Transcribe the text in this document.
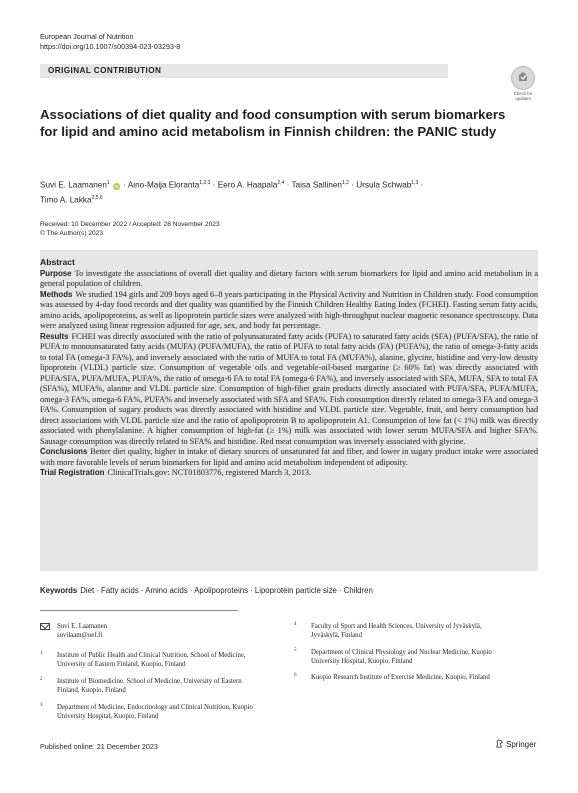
European Journal of Nutrition
https://doi.org/10.1007/s00394-023-03293-8
ORIGINAL CONTRIBUTION
Check for
updates
Associations of diet quality and food consumption with serum biomarkers for lipid and amino acid metabolism in Finnish children: the PANIC study
Suvi E. Laamanen$^1$ iD · Aino-Maija Eloranta$^{1,2,3}$ · Eero A. Haapala$^{2,4}$ · Taisa Sallinen$^{1,2}$ · Ursula Schwab$^{1,3}$ ·
Timo A. Lakka$^{2,5,6}$
Received: 10 December 2022 / Accepted: 28 November 2023
© The Author(s) 2023
Abstract

Purpose To investigate the associations of overall diet quality and dietary factors with serum biomarkers for lipid and amino acid metabolism in a general population of children.

Methods We studied 194 girls and 209 boys aged 6–8 years participating in the Physical Activity and Nutrition in Children study. Food consumption was assessed by 4-day food records and diet quality was quantified by the Finnish Children Healthy Eating Index (FCHEI). Fasting serum fatty acids, amino acids, apolipoproteins, as well as lipoprotein particle sizes were analyzed with high-throughput nuclear magnetic resonance spectroscopy. Data were analyzed using linear regression adjusted for age, sex, and body fat percentage.

Results FCHEI was directly associated with the ratio of polyunsaturated fatty acids (PUFA) to saturated fatty acids (SFA) (PUFA/SFA), the ratio of PUFA to monounsaturated fatty acids (MUFA) (PUFA/MUFA), the ratio of PUFA to total fatty acids (FA) (PUFA%), the ratio of omega-3-fatty acids to total FA (omega-3 FA%), and inversely associated with the ratio of MUFA to total FA (MUFA%), alanine, glycine, histidine and very-low density lipoprotein (VLDL) particle size. Consumption of vegetable oils and vegetable-oil-based margarine (≥ 60% fat) was directly associated with PUFA/SFA, PUFA/MUFA, PUFA%, the ratio of omega-6 FA to total FA (omega-6 FA%), and inversely associated with SFA, MUFA, SFA to total FA (SFA%), MUFA%, alanine and VLDL particle size. Consumption of high-fiber grain products directly associated with PUFA/SFA, PUFA/MUFA, omega-3 FA%, omega-6 FA%, PUFA% and inversely associated with SFA and SFA%. Fish consumption directly related to omega-3 FA and omega-3 FA%. Consumption of sugary products was directly associated with histidine and VLDL particle size. Vegetable, fruit, and berry consumption had direct associations with VLDL particle size and the ratio of apolipoprotein B to apolipoprotein A1. Consumption of low fat (< 1%) milk was directly associated with phenylalanine. A higher consumption of high-fat (≥ 1%) milk was associated with lower serum MUFA/SFA and higher SFA%. Sausage consumption was directly related to SFA% and histidine. Red meat consumption was inversely associated with glycine.

Conclusions Better diet quality, higher in intake of dietary sources of unsaturated fat and fiber, and lower in sugary product intake were associated with more favorable levels of serum biomarkers for lipid and amino acid metabolism independent of adiposity.

Trial Registration ClinicalTrials.gov: NCT01803776, registered March 3, 2013.

Keywords Diet · Fatty acids · Amino acids · Apolipoproteins · Lipoprotein particle size · Children
Suvi E. Laamanen
suvilaam@uef.fi
1 Institute of Public Health and Clinical Nutrition, School of Medicine, University of Eastern Finland, Kuopio, Finland
2 Institute of Biomedicine, School of Medicine, University of Eastern Finland, Kuopio, Finland
3 Department of Medicine, Endocrinology and Clinical Nutrition, Kuopio University Hospital, Kuopio, Finland
4 Faculty of Sport and Health Sciences, University of Jyväskylä, Jyväskylä, Finland
5 Department of Clinical Physiology and Nuclear Medicine, Kuopio University Hospital, Kuopio, Finland
6 Kuopio Research Institute of Exercise Medicine, Kuopio, Finland
Published online: 21 December 2023	Springer
